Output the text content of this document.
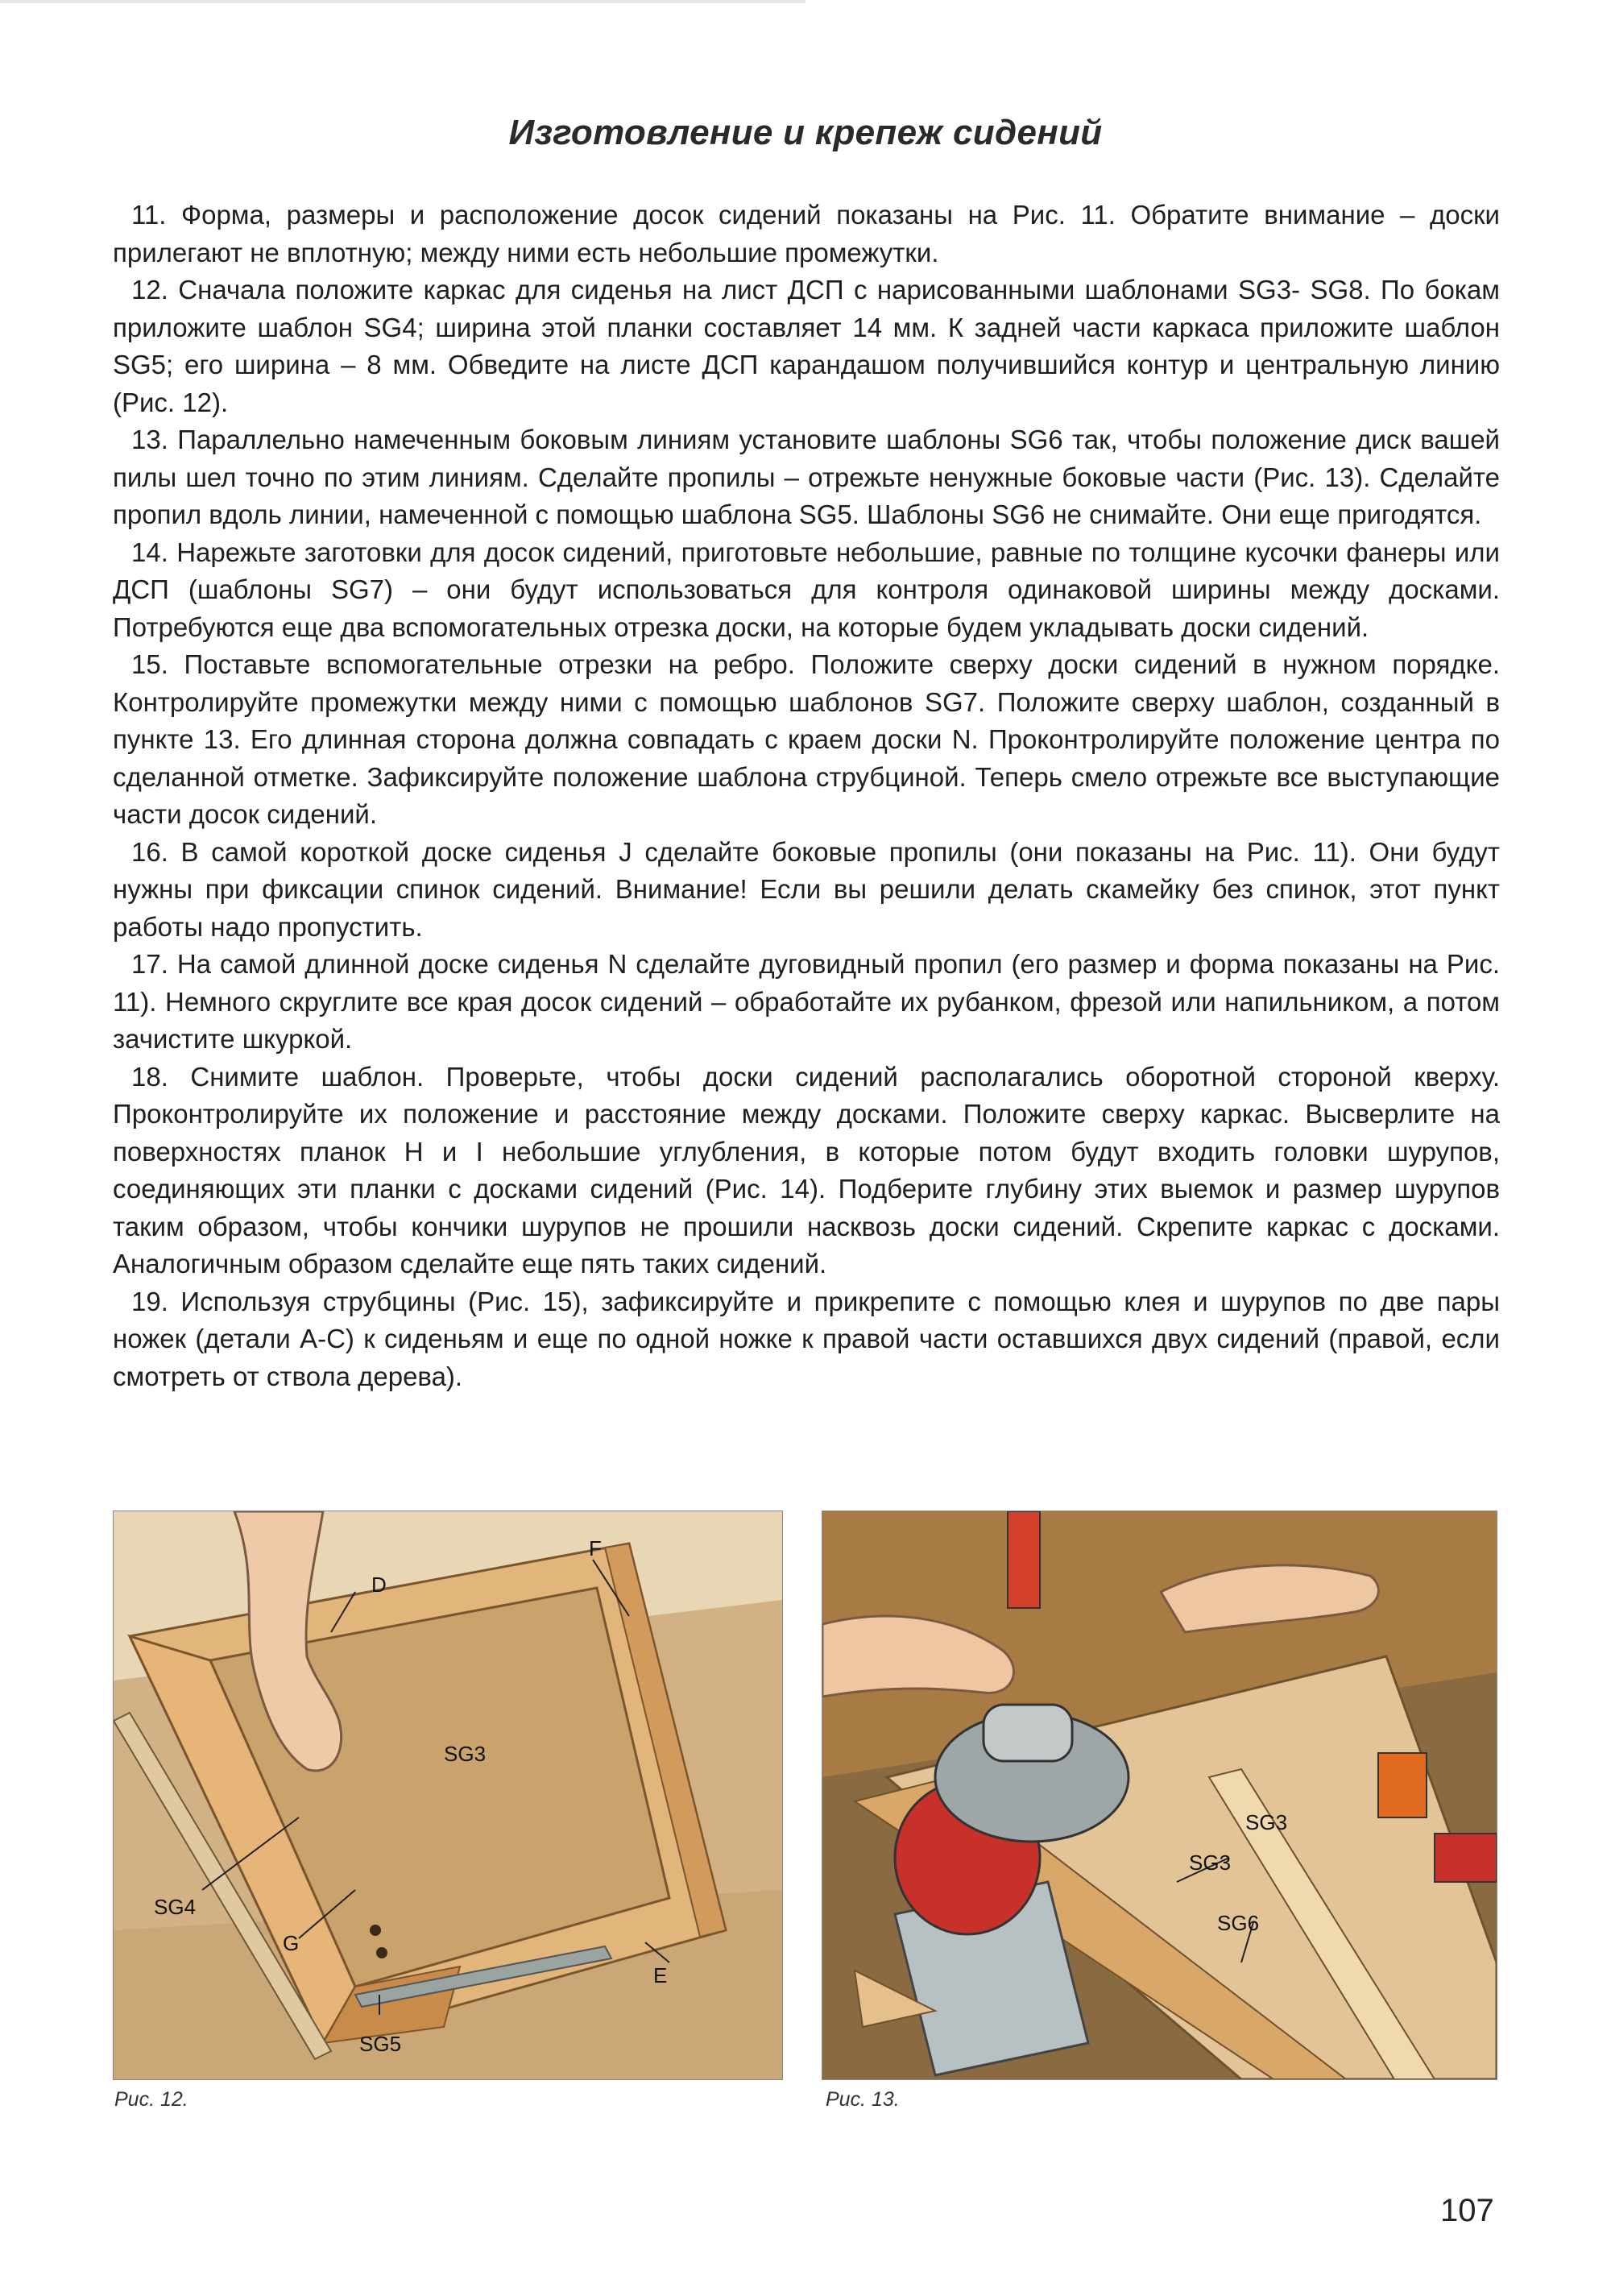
Изготовление и крепеж сидений

11. Форма, размеры и расположение досок сидений показаны на Рис. 11. Обратите внимание – доски прилегают не вплотную; между ними есть небольшие промежутки.

12. Сначала положите каркас для сиденья на лист ДСП с нарисованными шаблонами SG3- SG8. По бокам приложите шаблон SG4; ширина этой планки составляет 14 мм. К задней части каркаса приложите шаблон SG5; его ширина – 8 мм. Обведите на листе ДСП карандашом получившийся контур и центральную линию (Рис. 12).

13. Параллельно намеченным боковым линиям установите шаблоны SG6 так, чтобы положение диск вашей пилы шел точно по этим линиям. Сделайте пропилы – отрежьте ненужные боковые части (Рис. 13). Сделайте пропил вдоль линии, намеченной с помощью шаблона SG5. Шаблоны SG6 не снимайте. Они еще пригодятся.

14. Нарежьте заготовки для досок сидений, приготовьте небольшие, равные по толщине кусочки фанеры или ДСП (шаблоны SG7) – они будут использоваться для контроля одинаковой ширины между досками. Потребуются еще два вспомогательных отрезка доски, на которые будем укладывать доски сидений.

15. Поставьте вспомогательные отрезки на ребро. Положите сверху доски сидений в нужном порядке. Контролируйте промежутки между ними с помощью шаблонов SG7. Положите сверху шаблон, созданный в пункте 13. Его длинная сторона должна совпадать с краем доски N. Проконтролируйте положение центра по сделанной отметке. Зафиксируйте положение шаблона струбциной. Теперь смело отрежьте все выступающие части досок сидений.

16. В самой короткой доске сиденья J сделайте боковые пропилы (они показаны на Рис. 11). Они будут нужны при фиксации спинок сидений. Внимание! Если вы решили делать скамейку без спинок, этот пункт работы надо пропустить.

17. На самой длинной доске сиденья N сделайте дуговидный пропил (его размер и форма показаны на Рис. 11). Немного скруглите все края досок сидений – обработайте их рубанком, фрезой или напильником, а потом зачистите шкуркой.

18. Снимите шаблон. Проверьте, чтобы доски сидений располагались оборотной стороной кверху. Проконтролируйте их положение и расстояние между досками. Положите сверху каркас. Высверлите на поверхностях планок H и I небольшие углубления, в которые потом будут входить головки шурупов, соединяющих эти планки с досками сидений (Рис. 14). Подберите глубину этих выемок и размер шурупов таким образом, чтобы кончики шурупов не прошили насквозь доски сидений. Скрепите каркас с досками. Аналогичным образом сделайте еще пять таких сидений.

19. Используя струбцины (Рис. 15), зафиксируйте и прикрепите с помощью клея и шурупов по две пары ножек (детали A-C) к сиденьям и еще по одной ножке к правой части оставшихся двух сидений (правой, если смотреть от ствола дерева).

D
F
SG3
SG4
G
SG5
E
SG3
SG3
SG6
Рис. 12.	Рис. 13.
107
